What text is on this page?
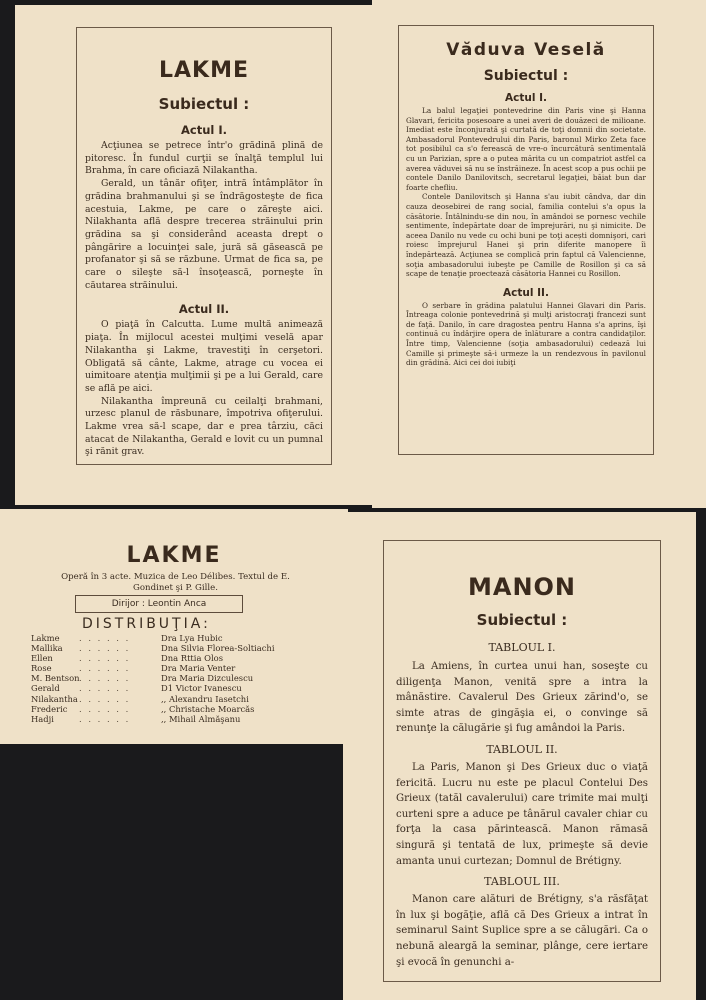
LAKME
Subiectul :
Actul I.

Acţiunea se petrece într'o grădină plină de pitoresc. În fundul curţii se înalţă templul lui Brahma, în care oficiază Nilakantha.

Gerald, un tânăr ofiţer, intră întâmplător în grădina brahmanului şi se îndrăgosteşte de fica acestuia, Lakme, pe care o zăreşte aici. Nilakhanta află despre trecerea străinului prin grădina sa şi considerând aceasta drept o pângărire a locuinţei sale, jură să găsească pe profanator şi să se răzbune. Urmat de fica sa, pe care o sileşte să-l însoţească, porneşte în căutarea străinului.

Actul II.

O piaţă în Calcutta. Lume multă animează piaţa. În mijlocul acestei mulţimi veselă apar Nilakantha şi Lakme, travestiţi în cerşetori. Obligată să cânte, Lakme, atrage cu vocea ei uimitoare atenţia mulţimii şi pe a lui Gerald, care se află pe aici.

Nilakantha împreună cu ceilalţi brahmani, urzesc planul de răsbunare, împotriva ofiţerului. Lakme vrea să-l scape, dar e prea târziu, căci atacat de Nilakantha, Gerald e lovit cu un pumnal şi rănit grav.

Văduva Veselă
Subiectul :
Actul I.

La balul legaţiei pontevedrine din Paris vine şi Hanna Glavari, fericita posesoare a unei averi de douăzeci de milioane. Imediat este înconjurată şi curtată de toţi domnii din societate. Ambasadorul Pontevedrului din Paris, baronul Mirko Zeta face tot posibilul ca s'o ferească de vre-o încurcătură sentimentală cu un Parizian, spre a o putea mărita cu un compatriot astfel ca averea văduvei să nu se înstrăineze. În acest scop a pus ochii pe contele Danilo Danilovitsch, secretarul legaţiei, băiat bun dar foarte chefliu.

Contele Danilovitsch şi Hanna s'au iubit cândva, dar din cauza deosebirei de rang social, familia contelui s'a opus la căsătorie. Întâlnindu-se din nou, în amândoi se pornesc vechile sentimente, îndepărtate doar de împrejurări, nu şi nimicite. De aceea Danilo nu vede cu ochi buni pe toţi acești domnişori, cari roiesc împrejurul Hanei şi prin diferite manopere îi îndepărtează. Acţiunea se complică prin faptul că Valencienne, soţia ambasadorului iubeşte pe Camille de Rosillon şi ca să scape de tenaţie proectează căsătoria Hannei cu Rosillon.

Actul II.

O serbare în grădina palatului Hannei Glavari din Paris. Întreaga colonie pontevedrină şi mulţi aristocraţi francezi sunt de faţă. Danilo, în care dragostea pentru Hanna s'a aprins, îşi continuă cu îndârjire opera de înlăturare a contra candidaţilor. Între timp, Valencienne (soţia ambasadorului) cedează lui Camille şi primeşte să-i urmeze la un rendezvous în pavilonul din grădină. Aici cei doi iubiţi

LAKME
Operă în 3 acte. Muzica de Leo Délibes. Textul de E. Gondinet şi P. Gille.
Dirijor : Leontin Anca
DISTRIBUŢIA:
Lakme	. . . . . .	Dra Lya Hubic
Mallika	. . . . . .	Dna Silvia Florea-Soltiachi
Ellen	. . . . . .	Dna Rttia Olos
Rose	. . . . . .	Dra Maria Venter
M. Bentson . . . . . .	Dra Maria Dizculescu
Gerald	. . . . . .	D1 Victor Ivanescu
Nilakantha . . . . . .	,, Alexandru Iasetchi
Frederic	. . . . . .	,, Christache Moarcăs
Hadji	. . . . . .	,, Mihail Almăşanu
MANON
Subiectul :
TABLOUL I.

La Amiens, în curtea unui han, soseşte cu diligenţa Manon, venită spre a intra la mânăstire. Cavalerul Des Grieux zărind'o, se simte atras de gingăşia ei, o convinge să renunţe la călugărie şi fug amândoi la Paris.

TABLOUL II.

La Paris, Manon şi Des Grieux duc o viaţă fericită. Lucru nu este pe placul Contelui Des Grieux (tatăl cavalerului) care trimite mai mulţi curteni spre a aduce pe tânărul cavaler chiar cu forţa la casa părintească. Manon rămasă singură şi tentată de lux, primeşte să devie amanta unui curtezan; Domnul de Brétigny.

TABLOUL III.

Manon care alături de Brétigny, s'a răsfăţat în lux şi bogăţie, află că Des Grieux a intrat în seminarul Saint Suplice spre a se călugări. Ca o nebună aleargă la seminar, plânge, cere iertare şi evocă în genunchi a-
